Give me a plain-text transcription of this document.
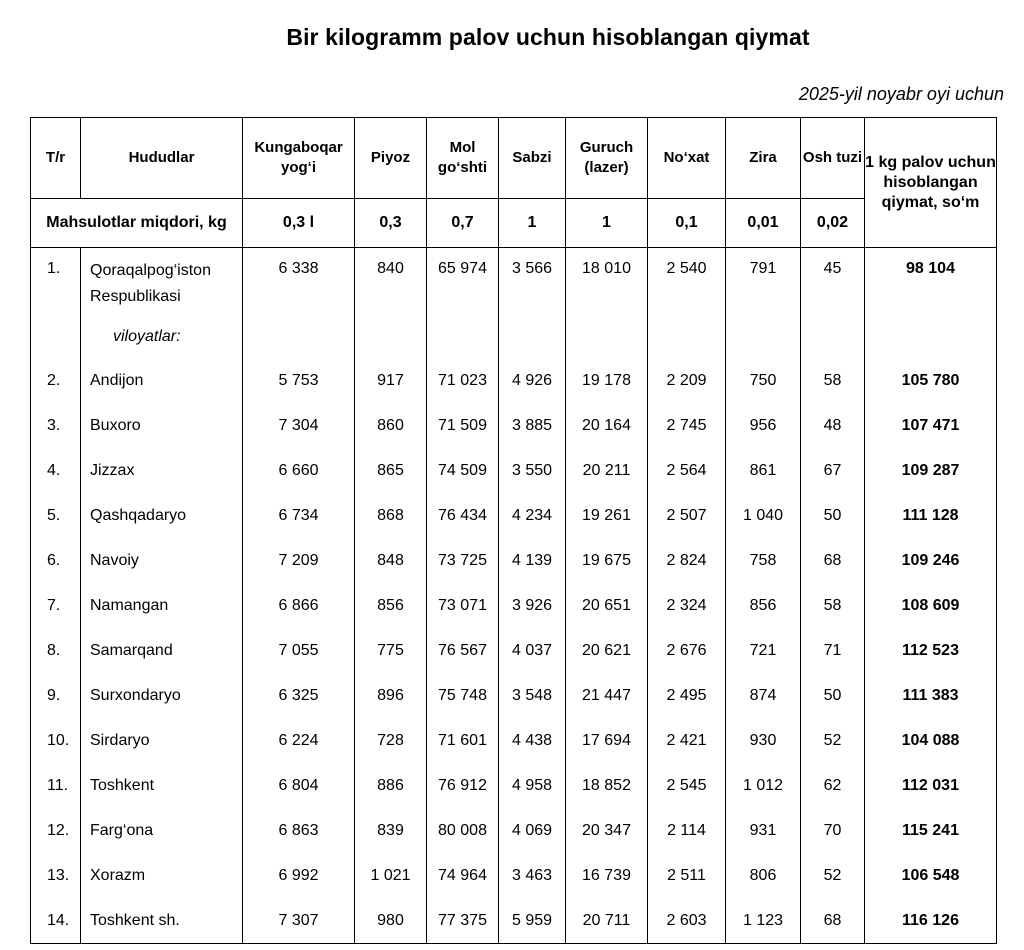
Bir kilogramm palov uchun hisoblangan qiymat
2025-yil noyabr oyi uchun
T/r	Hududlar	Kungaboqar yog‘i	Piyoz	Mol go‘shti	Sabzi	Guruch (lazer)	No‘xat	Zira	Osh tuzi	1 kg palov uchun hisoblangan qiymat, so‘m
Mahsulotlar miqdori, kg		0,3 l	0,3	0,7	1	1	0,1	0,01	0,02	
1.	Qoraqalpog‘iston Respublikasi	6 338	840	65 974	3 566	18 010	2 540	791	45	98 104
	viloyatlar:									
2.	Andijon	5 753	917	71 023	4 926	19 178	2 209	750	58	105 780
3.	Buxoro	7 304	860	71 509	3 885	20 164	2 745	956	48	107 471
4.	Jizzax	6 660	865	74 509	3 550	20 211	2 564	861	67	109 287
5.	Qashqadaryo	6 734	868	76 434	4 234	19 261	2 507	1 040	50	111 128
6.	Navoiy	7 209	848	73 725	4 139	19 675	2 824	758	68	109 246
7.	Namangan	6 866	856	73 071	3 926	20 651	2 324	856	58	108 609
8.	Samarqand	7 055	775	76 567	4 037	20 621	2 676	721	71	112 523
9.	Surxondaryo	6 325	896	75 748	3 548	21 447	2 495	874	50	111 383
10.	Sirdaryo	6 224	728	71 601	4 438	17 694	2 421	930	52	104 088
11.	Toshkent	6 804	886	76 912	4 958	18 852	2 545	1 012	62	112 031
12.	Farg‘ona	6 863	839	80 008	4 069	20 347	2 114	931	70	115 241
13.	Xorazm	6 992	1 021	74 964	3 463	16 739	2 511	806	52	106 548
14.	Toshkent sh.	7 307	980	77 375	5 959	20 711	2 603	1 123	68	116 126
